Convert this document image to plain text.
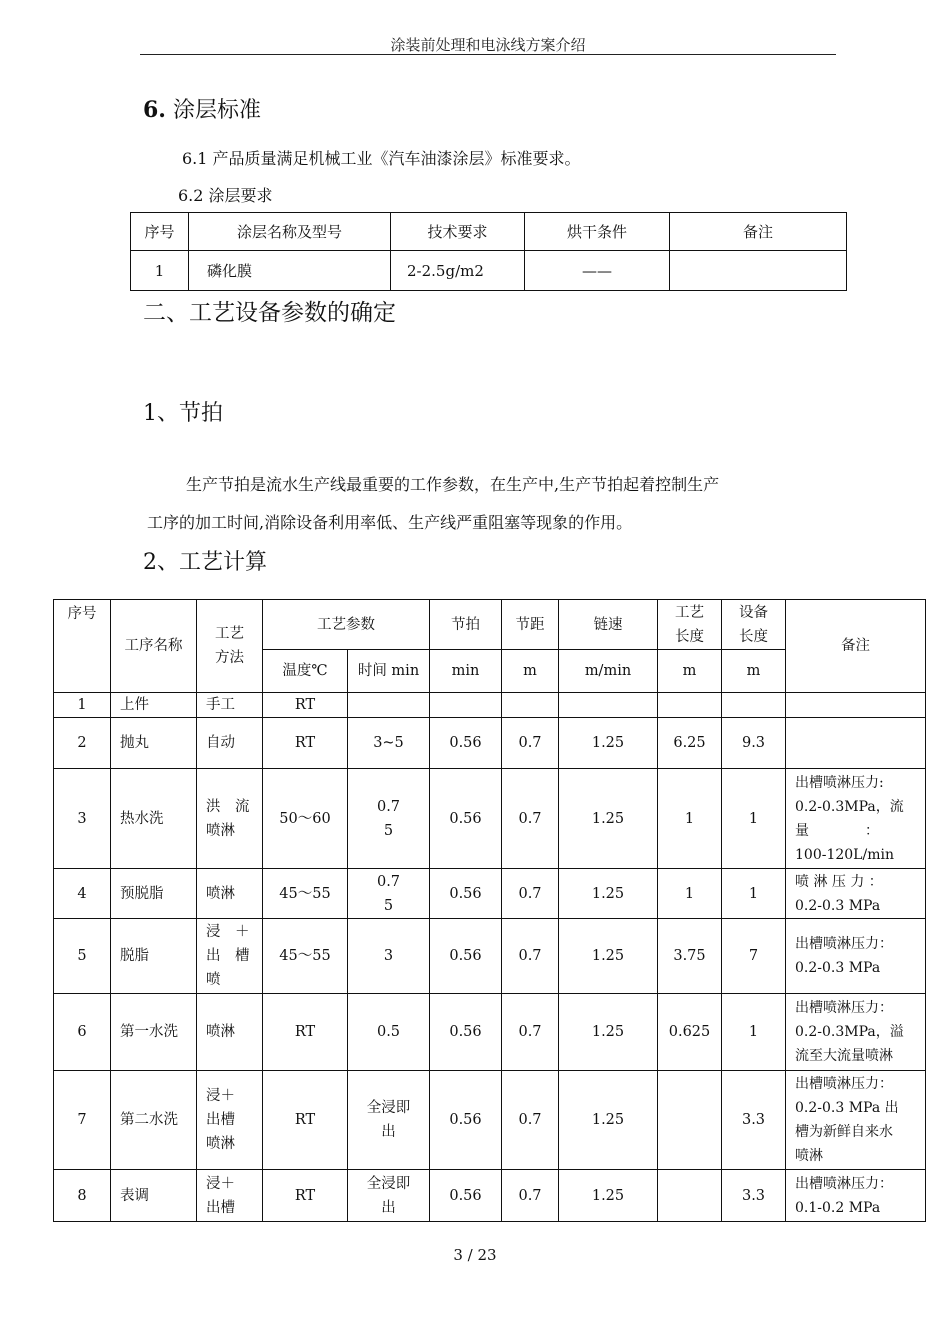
涂装前处理和电泳线方案介绍
6. 涂层标准
6.1 产品质量满足机械工业《汽车油漆涂层》标准要求。
6.2 涂层要求
序号	涂层名称及型号	技术要求	烘干条件	备注
1	磷化膜	2-2.5g/m2	——	
二、工艺设备参数的确定
1、节拍
生产节拍是流水生产线最重要的工作参数，在生产中,生产节拍起着控制生产
工序的加工时间,消除设备利用率低、生产线严重阻塞等现象的作用。
2、工艺计算
序号	工序名称	工艺
方法	工艺参数		节拍	节距	链速	工艺
长度	设备
长度	备注
			温度℃	时间 min	min	m	m/min	m	m	
1	上件	手工	RT							
2	抛丸	自动	RT	3~5	0.56	0.7	1.25	6.25	9.3	
3	热水洗	洪　流
喷淋	50～60	0.7
5	0.56	0.7	1.25	1	1	出槽喷淋压力:
0.2-0.3MPa，流
量　　　　：
100-120L/min

4	预脱脂	喷淋	45～55	0.7
5	0.56	0.7	1.25	1	1	喷 淋 压 力 ：
0.2-0.3 MPa

5	脱脂	浸　＋
出　槽
喷	45～55	3	0.56	0.7	1.25	3.75	7	出槽喷淋压力：
0.2-0.3 MPa

6	第一水洗	喷淋	RT	0.5	0.56	0.7	1.25	0.625	1	出槽喷淋压力：
0.2-0.3MPa，溢
流至大流量喷淋

7	第二水洗	浸＋
出槽
喷淋	RT	全浸即
出	0.56	0.7	1.25		3.3	出槽喷淋压力：
0.2-0.3 MPa 出
槽为新鲜自来水
喷淋

8	表调	浸＋
出槽	RT	全浸即
出	0.56	0.7	1.25		3.3	出槽喷淋压力：
0.1-0.2 MPa
3 / 23
